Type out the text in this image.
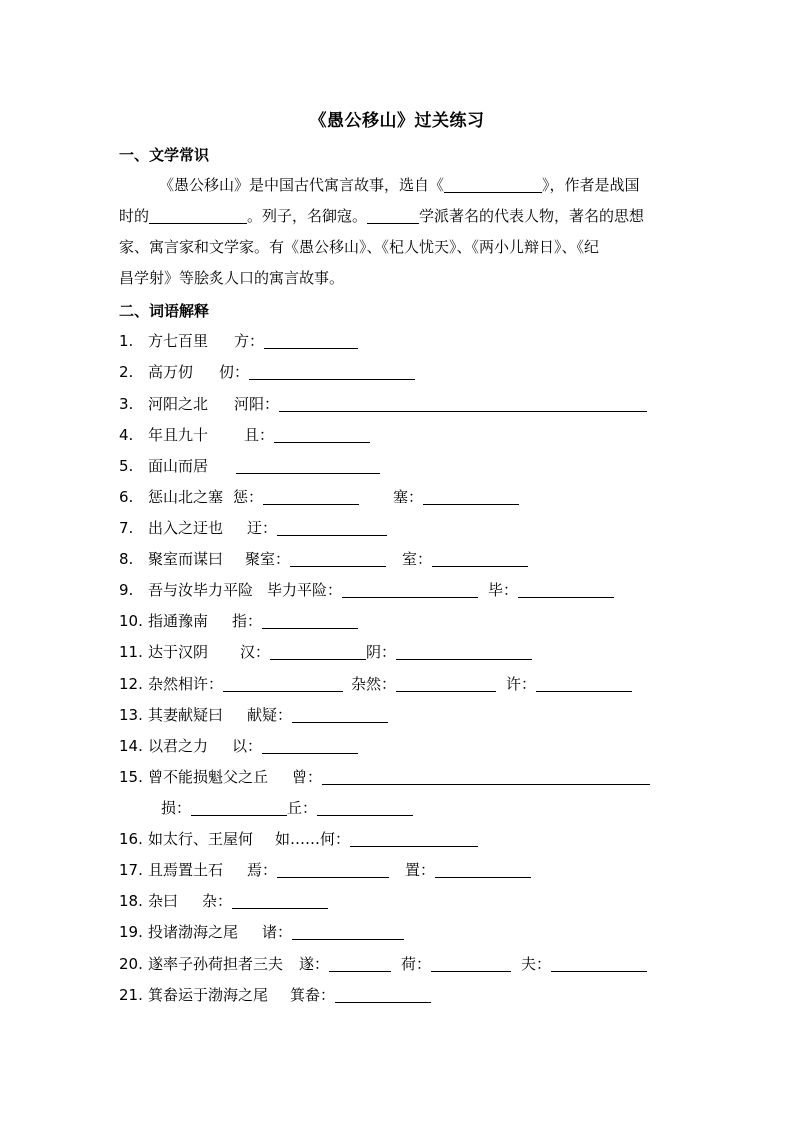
《愚公移山》过关练习
一、文学常识
《愚公移山》是中国古代寓言故事，选自《	》，作者是战国
时的	。列子，名御寇。	学派著名的代表人物，著名的思想
家、寓言家和文学家。有《愚公移山》、《杞人忧天》、《两小儿辩日》、《纪
昌学射》等脍炙人口的寓言故事。
二、词语解释
1. 方七百里 方：
2. 高万仞 仞：
3. 河阳之北 河阳：
4. 年且九十 且：
5. 面山而居
6. 惩山北之塞 惩：	塞：
7. 出入之迂也 迂：
8. 聚室而谋曰 聚室：	室：
9. 吾与汝毕力平险 毕力平险：	毕：
10. 指通豫南 指：
11. 达于汉阴 汉：	阴：
12. 杂然相许：	杂然：	许：
13. 其妻献疑曰 献疑：
14. 以君之力 以：
15. 曾不能损魁父之丘 曾：
损：	丘：
16. 如太行、王屋何 如……何：
17. 且焉置土石 焉：	置：
18. 杂曰 杂：
19. 投诸渤海之尾 诸：
20. 遂率子孙荷担者三夫 遂：	荷：	夫：
21. 箕畚运于渤海之尾 箕畚：
